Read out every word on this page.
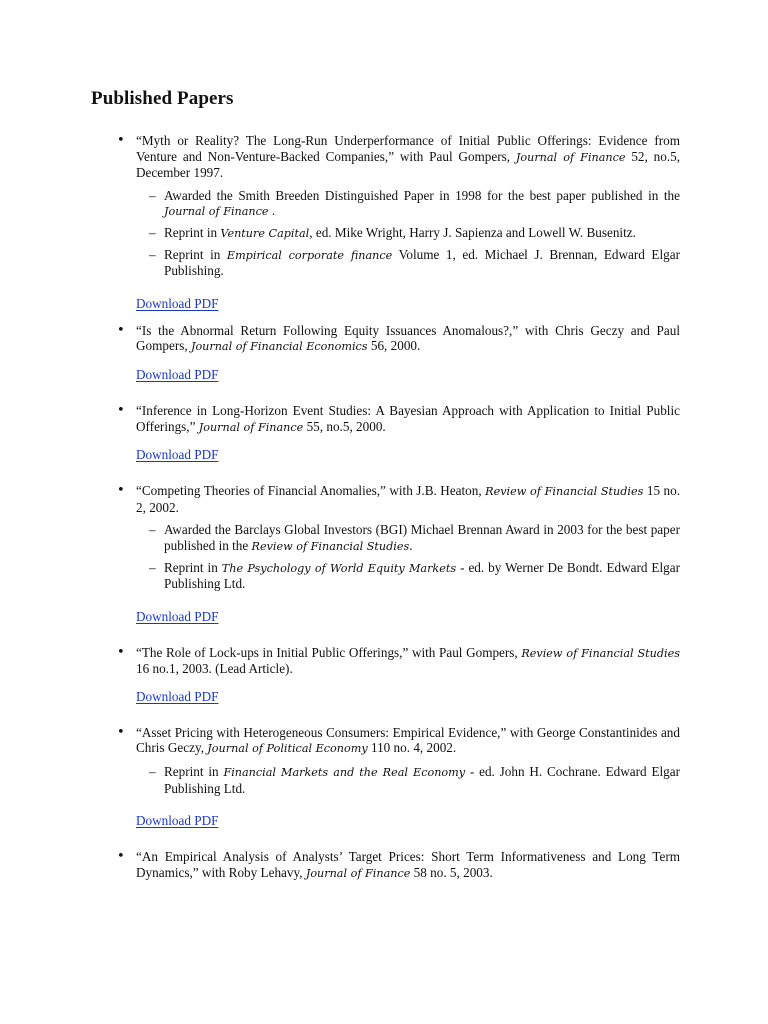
Published Papers
• “Myth or Reality? The Long-Run Underperformance of Initial Public Offerings: Evidence from Venture and Non-Venture-Backed Companies,” with Paul Gompers, Journal of Finance 52, no.5, December 1997.

– Awarded the Smith Breeden Distinguished Paper in 1998 for the best paper published in the Journal of Finance .
– Reprint in Venture Capital, ed. Mike Wright, Harry J. Sapienza and Lowell W. Busenitz.
– Reprint in Empirical corporate finance Volume 1, ed. Michael J. Brennan, Edward Elgar Publishing.
Download PDF
• “Is the Abnormal Return Following Equity Issuances Anomalous?,” with Chris Geczy and Paul Gompers, Journal of Financial Economics 56, 2000.

Download PDF
• “Inference in Long-Horizon Event Studies: A Bayesian Approach with Application to Initial Public Offerings,” Journal of Finance 55, no.5, 2000.

Download PDF
• “Competing Theories of Financial Anomalies,” with J.B. Heaton, Review of Financial Studies 15 no. 2, 2002.

– Awarded the Barclays Global Investors (BGI) Michael Brennan Award in 2003 for the best paper published in the Review of Financial Studies.
– Reprint in The Psychology of World Equity Markets - ed. by Werner De Bondt. Edward Elgar Publishing Ltd.
Download PDF
• “The Role of Lock-ups in Initial Public Offerings,” with Paul Gompers, Review of Financial Studies 16 no.1, 2003. (Lead Article).

Download PDF
• “Asset Pricing with Heterogeneous Consumers: Empirical Evidence,” with George Constantinides and Chris Geczy, Journal of Political Economy 110 no. 4, 2002.

– Reprint in Financial Markets and the Real Economy - ed. John H. Cochrane. Edward Elgar Publishing Ltd.
Download PDF
• “An Empirical Analysis of Analysts’ Target Prices: Short Term Informativeness and Long Term Dynamics,” with Roby Lehavy, Journal of Finance 58 no. 5, 2003.
